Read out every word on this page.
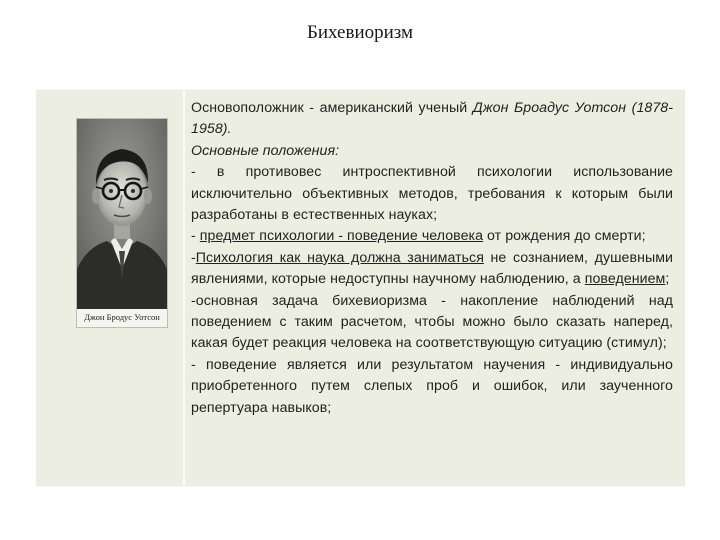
Бихевиоризм
Джон Бродус Уотсон

Основоположник - американский ученый Джон Броадус Уотсон (1878-1958).

Основные положения:

- в противовес интроспективной психологии использование исключительно объективных методов, требования к которым были разработаны в естественных науках;

- предмет психологии - поведение человека от рождения до смерти;

-Психология как наука должна заниматься не сознанием, душевными явлениями, которые недоступны научному наблюдению, а поведением;

-основная задача бихевиоризма - накопление наблюдений над поведением с таким расчетом, чтобы можно было сказать наперед, какая будет реакция человека на соответствующую ситуацию (стимул);

- поведение является или результатом научения - индивидуально приобретенного путем слепых проб и ошибок, или заученного репертуара навыков;
